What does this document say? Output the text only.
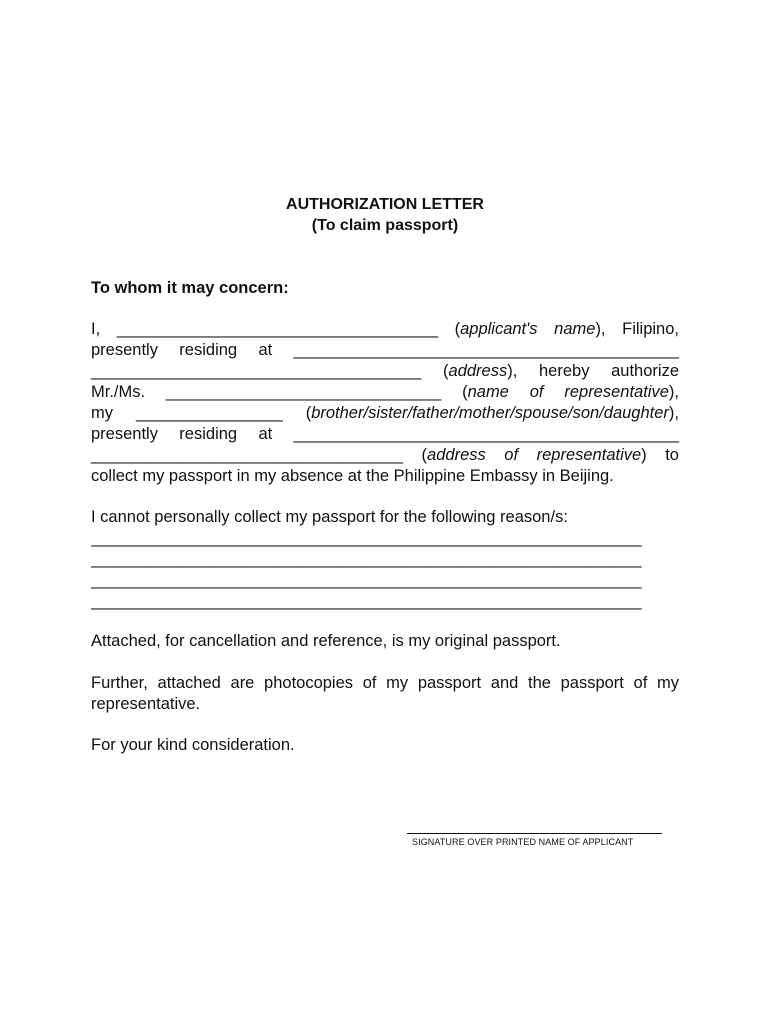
AUTHORIZATION LETTER
(To claim passport)
To whom it may concern:
I, ___________________________________ (applicant's name), Filipino,
presently residing at __________________________________________
____________________________________ (address), hereby authorize
Mr./Ms. ______________________________ (name of representative),
my ________________ (brother/sister/father/mother/spouse/son/daughter),
presently residing at __________________________________________
__________________________________ (address of representative) to
collect my passport in my absence at the Philippine Embassy in Beijing.
I cannot personally collect my passport for the following reason/s:
____________________________________________________________
____________________________________________________________
____________________________________________________________
____________________________________________________________
Attached, for cancellation and reference, is my original passport.
Further, attached are photocopies of my passport and the passport of my
representative.
For your kind consideration.
SIGNATURE OVER PRINTED NAME OF APPLICANT
